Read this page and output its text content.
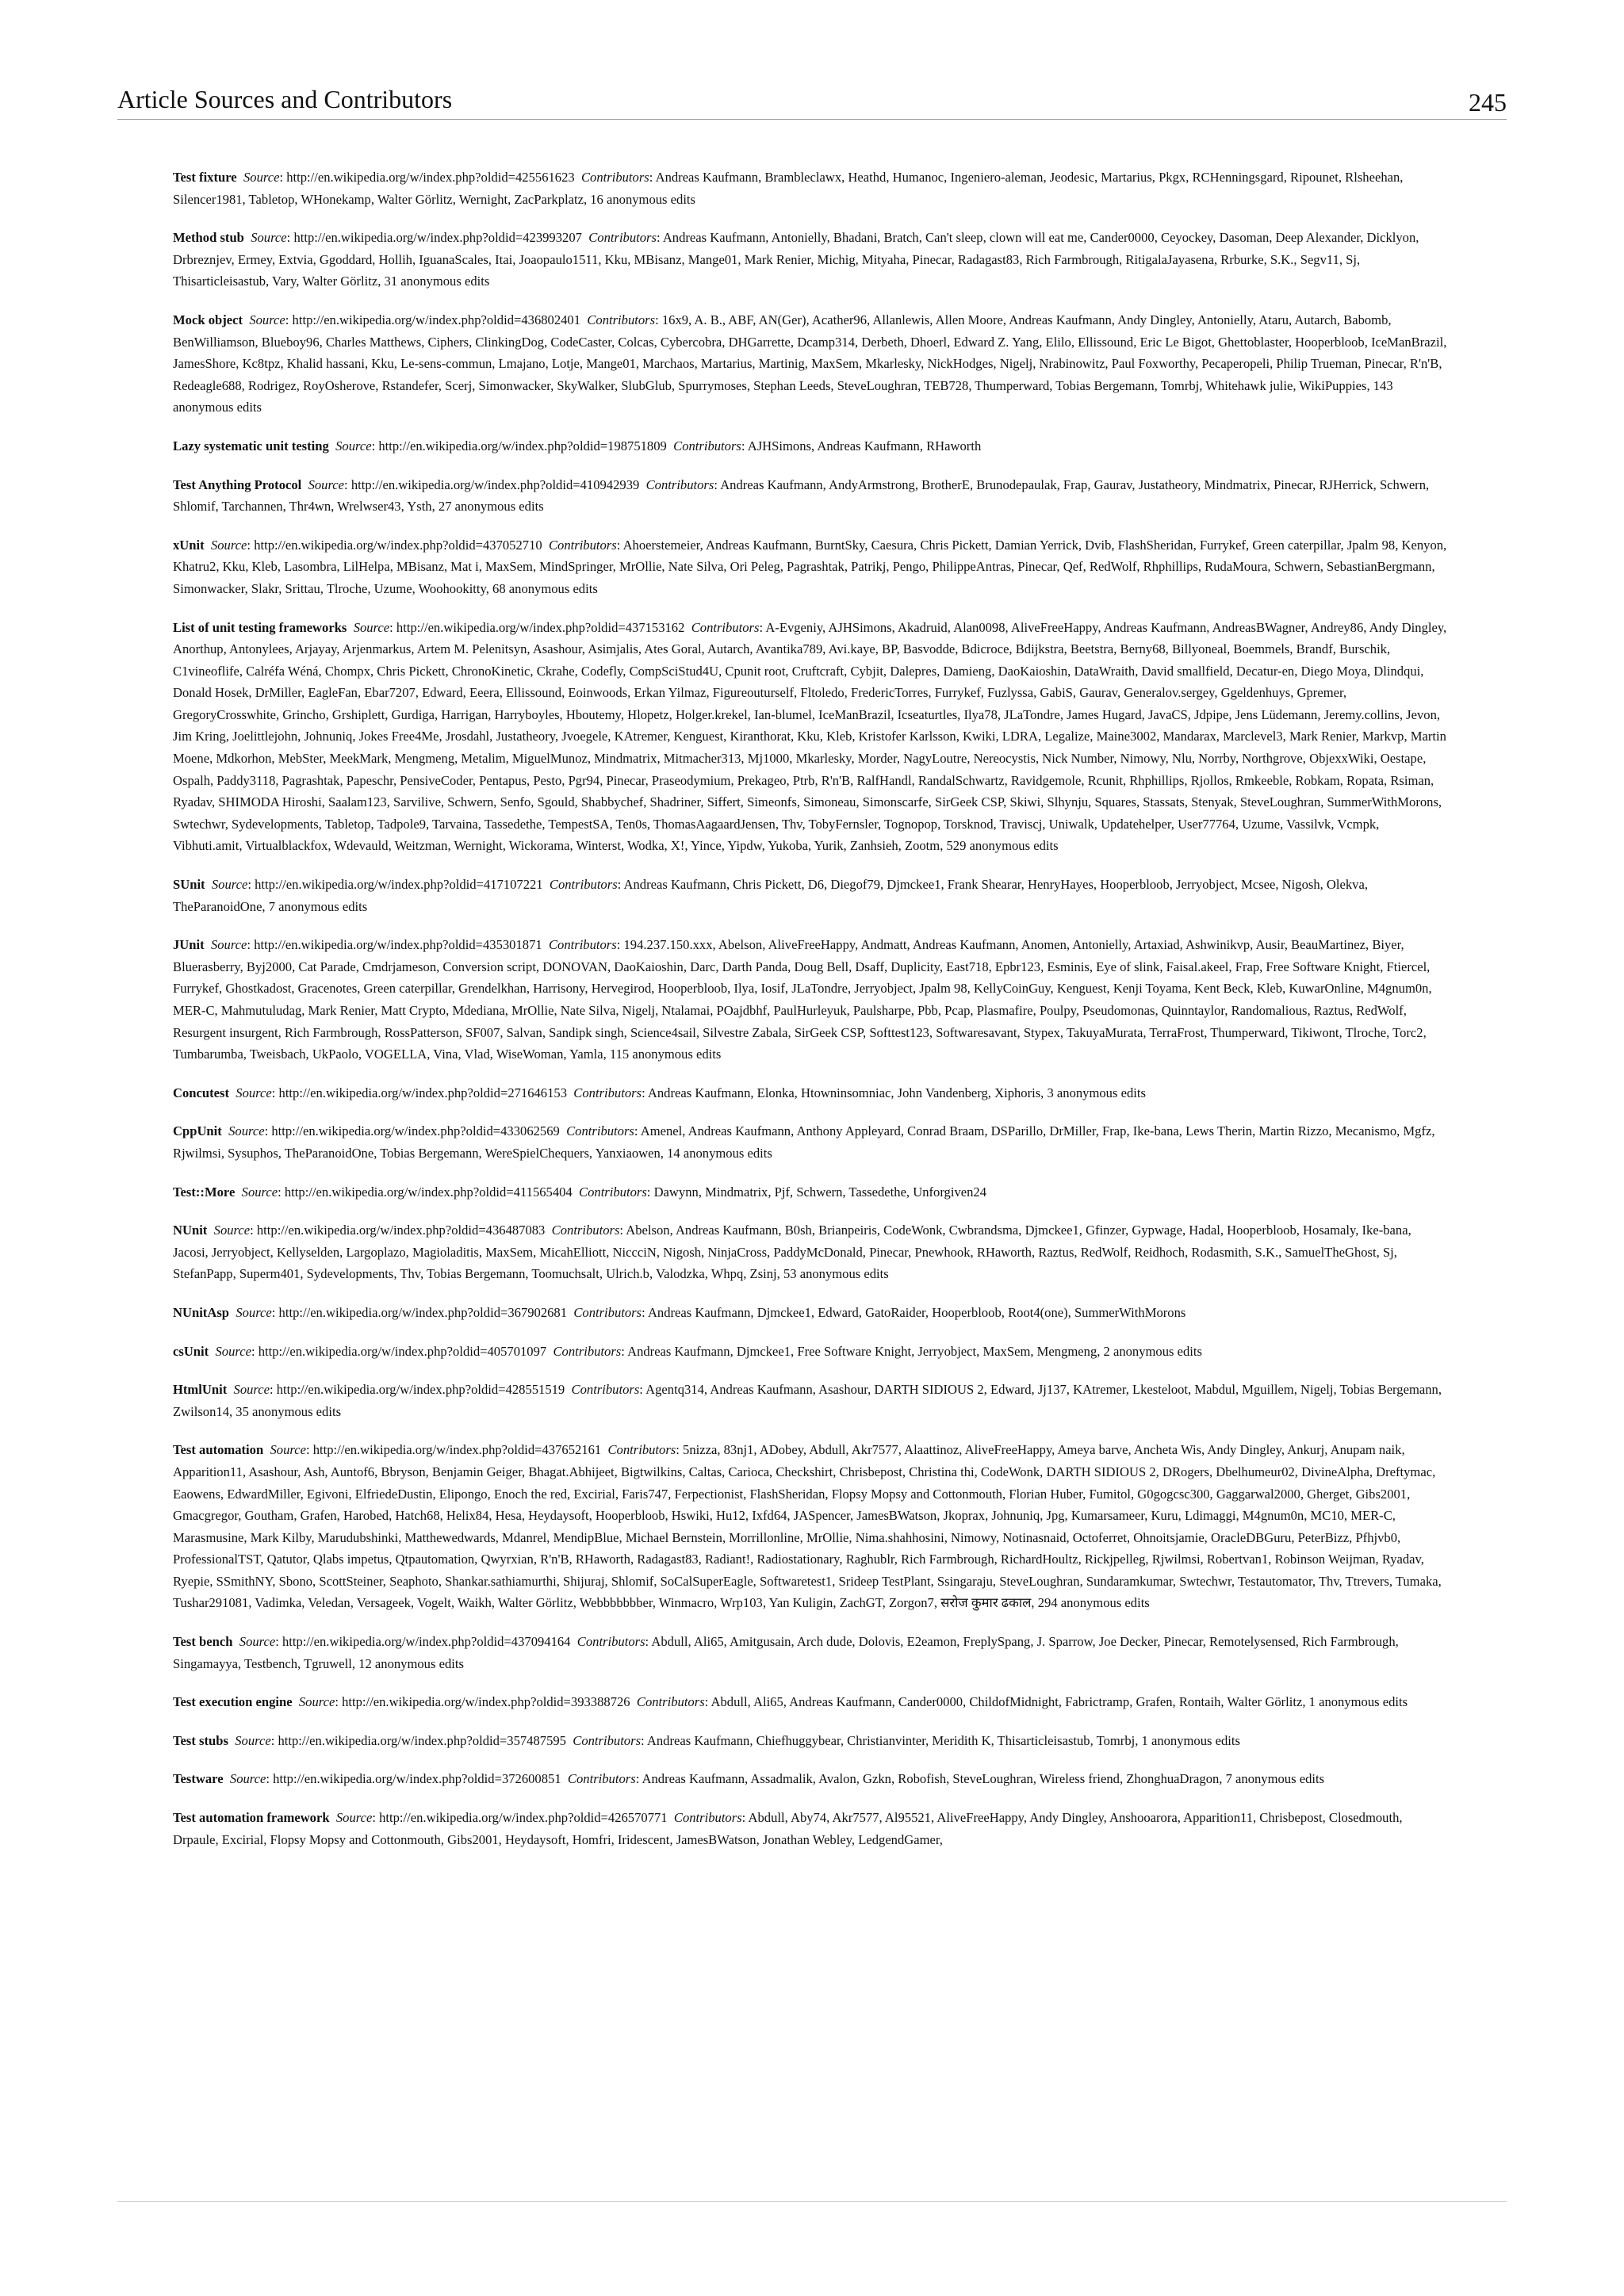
Article Sources and Contributors	245

Test fixture Source: http://en.wikipedia.org/w/index.php?oldid=425561623 Contributors: Andreas Kaufmann, Brambleclawx, Heathd, Humanoc, Ingeniero-aleman, Jeodesic, Martarius, Pkgx, RCHenningsgard, Ripounet, Rlsheehan, Silencer1981, Tabletop, WHonekamp, Walter Görlitz, Wernight, ZacParkplatz, 16 anonymous edits

Method stub Source: http://en.wikipedia.org/w/index.php?oldid=423993207 Contributors: Andreas Kaufmann, Antonielly, Bhadani, Bratch, Can't sleep, clown will eat me, Cander0000, Ceyockey, Dasoman, Deep Alexander, Dicklyon, Drbreznjev, Ermey, Extvia, Ggoddard, Hollih, IguanaScales, Itai, Joaopaulo1511, Kku, MBisanz, Mange01, Mark Renier, Michig, Mityaha, Pinecar, Radagast83, Rich Farmbrough, RitigalaJayasena, Rrburke, S.K., Segv11, Sj, Thisarticleisastub, Vary, Walter Görlitz, 31 anonymous edits

Mock object Source: http://en.wikipedia.org/w/index.php?oldid=436802401 Contributors: 16x9, A. B., ABF, AN(Ger), Acather96, Allanlewis, Allen Moore, Andreas Kaufmann, Andy Dingley, Antonielly, Ataru, Autarch, Babomb, BenWilliamson, Blueboy96, Charles Matthews, Ciphers, ClinkingDog, CodeCaster, Colcas, Cybercobra, DHGarrette, Dcamp314, Derbeth, Dhoerl, Edward Z. Yang, Elilo, Ellissound, Eric Le Bigot, Ghettoblaster, Hooperbloob, IceManBrazil, JamesShore, Kc8tpz, Khalid hassani, Kku, Le-sens-commun, Lmajano, Lotje, Mange01, Marchaos, Martarius, Martinig, MaxSem, Mkarlesky, NickHodges, Nigelj, Nrabinowitz, Paul Foxworthy, Pecaperopeli, Philip Trueman, Pinecar, R'n'B, Redeagle688, Rodrigez, RoyOsherove, Rstandefer, Scerj, Simonwacker, SkyWalker, SlubGlub, Spurrymoses, Stephan Leeds, SteveLoughran, TEB728, Thumperward, Tobias Bergemann, Tomrbj, Whitehawk julie, WikiPuppies, 143 anonymous edits

Lazy systematic unit testing Source: http://en.wikipedia.org/w/index.php?oldid=198751809 Contributors: AJHSimons, Andreas Kaufmann, RHaworth

Test Anything Protocol Source: http://en.wikipedia.org/w/index.php?oldid=410942939 Contributors: Andreas Kaufmann, AndyArmstrong, BrotherE, Brunodepaulak, Frap, Gaurav, Justatheory, Mindmatrix, Pinecar, RJHerrick, Schwern, Shlomif, Tarchannen, Thr4wn, Wrelwser43, Ysth, 27 anonymous edits

xUnit Source: http://en.wikipedia.org/w/index.php?oldid=437052710 Contributors: Ahoerstemeier, Andreas Kaufmann, BurntSky, Caesura, Chris Pickett, Damian Yerrick, Dvib, FlashSheridan, Furrykef, Green caterpillar, Jpalm 98, Kenyon, Khatru2, Kku, Kleb, Lasombra, LilHelpa, MBisanz, Mat i, MaxSem, MindSpringer, MrOllie, Nate Silva, Ori Peleg, Pagrashtak, Patrikj, Pengo, PhilippeAntras, Pinecar, Qef, RedWolf, Rhphillips, RudaMoura, Schwern, SebastianBergmann, Simonwacker, Slakr, Srittau, Tlroche, Uzume, Woohookitty, 68 anonymous edits

List of unit testing frameworks Source: http://en.wikipedia.org/w/index.php?oldid=437153162 Contributors: A-Evgeniy, AJHSimons, Akadruid, Alan0098, AliveFreeHappy, Andreas Kaufmann, AndreasBWagner, Andrey86, Andy Dingley, Anorthup, Antonylees, Arjayay, Arjenmarkus, Artem M. Pelenitsyn, Asashour, Asimjalis, Ates Goral, Autarch, Avantika789, Avi.kaye, BP, Basvodde, Bdicroce, Bdijkstra, Beetstra, Berny68, Billyoneal, Boemmels, Brandf, Burschik, C1vineoflife, Calréfa Wéná, Chompx, Chris Pickett, ChronoKinetic, Ckrahe, Codefly, CompSciStud4U, Cpunit root, Cruftcraft, Cybjit, Dalepres, Damieng, DaoKaioshin, DataWraith, David smallfield, Decatur-en, Diego Moya, Dlindqui, Donald Hosek, DrMiller, EagleFan, Ebar7207, Edward, Eeera, Ellissound, Eoinwoods, Erkan Yilmaz, Figureouturself, Fltoledo, FredericTorres, Furrykef, Fuzlyssa, GabiS, Gaurav, Generalov.sergey, Ggeldenhuys, Gpremer, GregoryCrosswhite, Grincho, Grshiplett, Gurdiga, Harrigan, Harryboyles, Hboutemy, Hlopetz, Holger.krekel, Ian-blumel, IceManBrazil, Icseaturtles, Ilya78, JLaTondre, James Hugard, JavaCS, Jdpipe, Jens Lüdemann, Jeremy.collins, Jevon, Jim Kring, Joelittlejohn, Johnuniq, Jokes Free4Me, Jrosdahl, Justatheory, Jvoegele, KAtremer, Kenguest, Kiranthorat, Kku, Kleb, Kristofer Karlsson, Kwiki, LDRA, Legalize, Maine3002, Mandarax, Marclevel3, Mark Renier, Markvp, Martin Moene, Mdkorhon, MebSter, MeekMark, Mengmeng, Metalim, MiguelMunoz, Mindmatrix, Mitmacher313, Mj1000, Mkarlesky, Morder, NagyLoutre, Nereocystis, Nick Number, Nimowy, Nlu, Norrby, Northgrove, ObjexxWiki, Oestape, Ospalh, Paddy3118, Pagrashtak, Papeschr, PensiveCoder, Pentapus, Pesto, Pgr94, Pinecar, Praseodymium, Prekageo, Ptrb, R'n'B, RalfHandl, RandalSchwartz, Ravidgemole, Rcunit, Rhphillips, Rjollos, Rmkeeble, Robkam, Ropata, Rsiman, Ryadav, SHIMODA Hiroshi, Saalam123, Sarvilive, Schwern, Senfo, Sgould, Shabbychef, Shadriner, Siffert, Simeonfs, Simoneau, Simonscarfe, SirGeek CSP, Skiwi, Slhynju, Squares, Stassats, Stenyak, SteveLoughran, SummerWithMorons, Swtechwr, Sydevelopments, Tabletop, Tadpole9, Tarvaina, Tassedethe, TempestSA, Ten0s, ThomasAagaardJensen, Thv, TobyFernsler, Tognopop, Torsknod, Traviscj, Uniwalk, Updatehelper, User77764, Uzume, Vassilvk, Vcmpk, Vibhuti.amit, Virtualblackfox, Wdevauld, Weitzman, Wernight, Wickorama, Winterst, Wodka, X!, Yince, Yipdw, Yukoba, Yurik, Zanhsieh, Zootm, 529 anonymous edits

SUnit Source: http://en.wikipedia.org/w/index.php?oldid=417107221 Contributors: Andreas Kaufmann, Chris Pickett, D6, Diegof79, Djmckee1, Frank Shearar, HenryHayes, Hooperbloob, Jerryobject, Mcsee, Nigosh, Olekva, TheParanoidOne, 7 anonymous edits

JUnit Source: http://en.wikipedia.org/w/index.php?oldid=435301871 Contributors: 194.237.150.xxx, Abelson, AliveFreeHappy, Andmatt, Andreas Kaufmann, Anomen, Antonielly, Artaxiad, Ashwinikvp, Ausir, BeauMartinez, Biyer, Bluerasberry, Byj2000, Cat Parade, Cmdrjameson, Conversion script, DONOVAN, DaoKaioshin, Darc, Darth Panda, Doug Bell, Dsaff, Duplicity, East718, Epbr123, Esminis, Eye of slink, Faisal.akeel, Frap, Free Software Knight, Ftiercel, Furrykef, Ghostkadost, Gracenotes, Green caterpillar, Grendelkhan, Harrisony, Hervegirod, Hooperbloob, Ilya, Iosif, JLaTondre, Jerryobject, Jpalm 98, KellyCoinGuy, Kenguest, Kenji Toyama, Kent Beck, Kleb, KuwarOnline, M4gnum0n, MER-C, Mahmutuludag, Mark Renier, Matt Crypto, Mdediana, MrOllie, Nate Silva, Nigelj, Ntalamai, POajdbhf, PaulHurleyuk, Paulsharpe, Pbb, Pcap, Plasmafire, Poulpy, Pseudomonas, Quinntaylor, Randomalious, Raztus, RedWolf, Resurgent insurgent, Rich Farmbrough, RossPatterson, SF007, Salvan, Sandipk singh, Science4sail, Silvestre Zabala, SirGeek CSP, Softtest123, Softwaresavant, Stypex, TakuyaMurata, TerraFrost, Thumperward, Tikiwont, Tlroche, Torc2, Tumbarumba, Tweisbach, UkPaolo, VOGELLA, Vina, Vlad, WiseWoman, Yamla, 115 anonymous edits

Concutest Source: http://en.wikipedia.org/w/index.php?oldid=271646153 Contributors: Andreas Kaufmann, Elonka, Htowninsomniac, John Vandenberg, Xiphoris, 3 anonymous edits

CppUnit Source: http://en.wikipedia.org/w/index.php?oldid=433062569 Contributors: Amenel, Andreas Kaufmann, Anthony Appleyard, Conrad Braam, DSParillo, DrMiller, Frap, Ike-bana, Lews Therin, Martin Rizzo, Mecanismo, Mgfz, Rjwilmsi, Sysuphos, TheParanoidOne, Tobias Bergemann, WereSpielChequers, Yanxiaowen, 14 anonymous edits

Test::More Source: http://en.wikipedia.org/w/index.php?oldid=411565404 Contributors: Dawynn, Mindmatrix, Pjf, Schwern, Tassedethe, Unforgiven24

NUnit Source: http://en.wikipedia.org/w/index.php?oldid=436487083 Contributors: Abelson, Andreas Kaufmann, B0sh, Brianpeiris, CodeWonk, Cwbrandsma, Djmckee1, Gfinzer, Gypwage, Hadal, Hooperbloob, Hosamaly, Ike-bana, Jacosi, Jerryobject, Kellyselden, Largoplazo, Magioladitis, MaxSem, MicahElliott, NiccciN, Nigosh, NinjaCross, PaddyMcDonald, Pinecar, Pnewhook, RHaworth, Raztus, RedWolf, Reidhoch, Rodasmith, S.K., SamuelTheGhost, Sj, StefanPapp, Superm401, Sydevelopments, Thv, Tobias Bergemann, Toomuchsalt, Ulrich.b, Valodzka, Whpq, Zsinj, 53 anonymous edits

NUnitAsp Source: http://en.wikipedia.org/w/index.php?oldid=367902681 Contributors: Andreas Kaufmann, Djmckee1, Edward, GatoRaider, Hooperbloob, Root4(one), SummerWithMorons

csUnit Source: http://en.wikipedia.org/w/index.php?oldid=405701097 Contributors: Andreas Kaufmann, Djmckee1, Free Software Knight, Jerryobject, MaxSem, Mengmeng, 2 anonymous edits

HtmlUnit Source: http://en.wikipedia.org/w/index.php?oldid=428551519 Contributors: Agentq314, Andreas Kaufmann, Asashour, DARTH SIDIOUS 2, Edward, Jj137, KAtremer, Lkesteloot, Mabdul, Mguillem, Nigelj, Tobias Bergemann, Zwilson14, 35 anonymous edits

Test automation Source: http://en.wikipedia.org/w/index.php?oldid=437652161 Contributors: 5nizza, 83nj1, ADobey, Abdull, Akr7577, Alaattinoz, AliveFreeHappy, Ameya barve, Ancheta Wis, Andy Dingley, Ankurj, Anupam naik, Apparition11, Asashour, Ash, Auntof6, Bbryson, Benjamin Geiger, Bhagat.Abhijeet, Bigtwilkins, Caltas, Carioca, Checkshirt, Chrisbepost, Christina thi, CodeWonk, DARTH SIDIOUS 2, DRogers, Dbelhumeur02, DivineAlpha, Dreftymac, Eaowens, EdwardMiller, Egivoni, ElfriedeDustin, Elipongo, Enoch the red, Excirial, Faris747, Ferpectionist, FlashSheridan, Flopsy Mopsy and Cottonmouth, Florian Huber, Fumitol, G0gogcsc300, Gaggarwal2000, Gherget, Gibs2001, Gmacgregor, Goutham, Grafen, Harobed, Hatch68, Helix84, Hesa, Heydaysoft, Hooperbloob, Hswiki, Hu12, Ixfd64, JASpencer, JamesBWatson, Jkoprax, Johnuniq, Jpg, Kumarsameer, Kuru, Ldimaggi, M4gnum0n, MC10, MER-C, Marasmusine, Mark Kilby, Marudubshinki, Matthewedwards, Mdanrel, MendipBlue, Michael Bernstein, Morrillonline, MrOllie, Nima.shahhosini, Nimowy, Notinasnaid, Octoferret, Ohnoitsjamie, OracleDBGuru, PeterBizz, Pfhjvb0, ProfessionalTST, Qatutor, Qlabs impetus, Qtpautomation, Qwyrxian, R'n'B, RHaworth, Radagast83, Radiant!, Radiostationary, Raghublr, Rich Farmbrough, RichardHoultz, Rickjpelleg, Rjwilmsi, Robertvan1, Robinson Weijman, Ryadav, Ryepie, SSmithNY, Sbono, ScottSteiner, Seaphoto, Shankar.sathiamurthi, Shijuraj, Shlomif, SoCalSuperEagle, Softwaretest1, Srideep TestPlant, Ssingaraju, SteveLoughran, Sundaramkumar, Swtechwr, Testautomator, Thv, Ttrevers, Tumaka, Tushar291081, Vadimka, Veledan, Versageek, Vogelt, Waikh, Walter Görlitz, Webbbbbbber, Winmacro, Wrp103, Yan Kuligin, ZachGT, Zorgon7, सरोज कुमार ढकाल, 294 anonymous edits

Test bench Source: http://en.wikipedia.org/w/index.php?oldid=437094164 Contributors: Abdull, Ali65, Amitgusain, Arch dude, Dolovis, E2eamon, FreplySpang, J. Sparrow, Joe Decker, Pinecar, Remotelysensed, Rich Farmbrough, Singamayya, Testbench, Tgruwell, 12 anonymous edits

Test execution engine Source: http://en.wikipedia.org/w/index.php?oldid=393388726 Contributors: Abdull, Ali65, Andreas Kaufmann, Cander0000, ChildofMidnight, Fabrictramp, Grafen, Rontaih, Walter Görlitz, 1 anonymous edits

Test stubs Source: http://en.wikipedia.org/w/index.php?oldid=357487595 Contributors: Andreas Kaufmann, Chiefhuggybear, Christianvinter, Meridith K, Thisarticleisastub, Tomrbj, 1 anonymous edits

Testware Source: http://en.wikipedia.org/w/index.php?oldid=372600851 Contributors: Andreas Kaufmann, Assadmalik, Avalon, Gzkn, Robofish, SteveLoughran, Wireless friend, ZhonghuaDragon, 7 anonymous edits

Test automation framework Source: http://en.wikipedia.org/w/index.php?oldid=426570771 Contributors: Abdull, Aby74, Akr7577, Al95521, AliveFreeHappy, Andy Dingley, Anshooarora, Apparition11, Chrisbepost, Closedmouth, Drpaule, Excirial, Flopsy Mopsy and Cottonmouth, Gibs2001, Heydaysoft, Homfri, Iridescent, JamesBWatson, Jonathan Webley, LedgendGamer,
